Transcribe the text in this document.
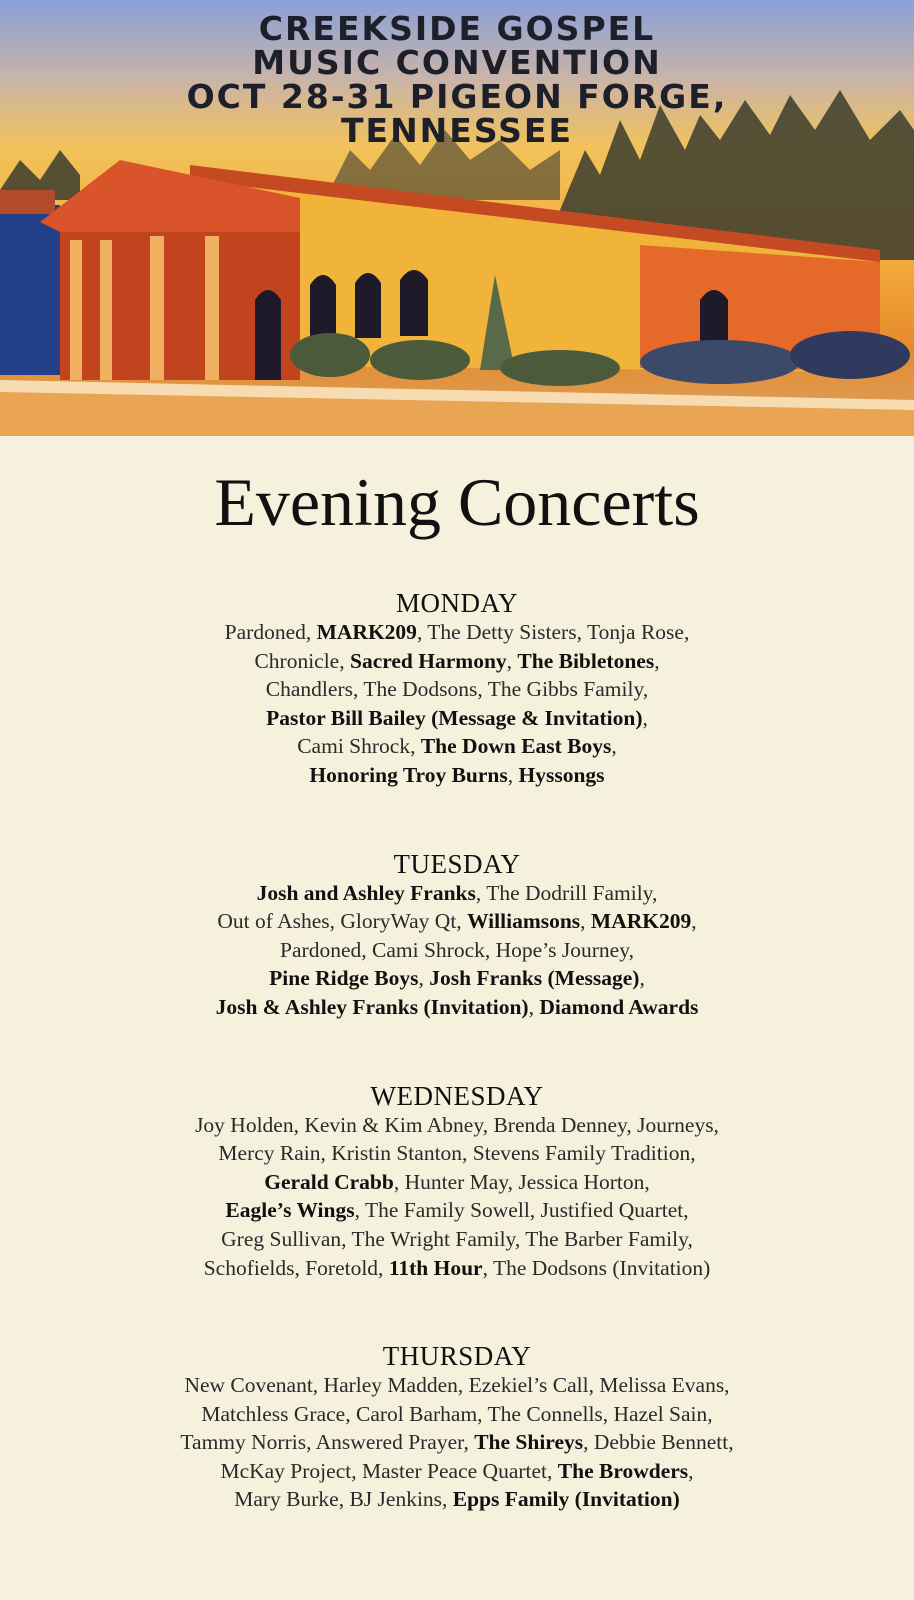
CREEKSIDE GOSPEL
MUSIC CONVENTION
OCT 28-31 PIGEON FORGE,
TENNESSEE
Evening Concerts
MONDAY
Pardoned, MARK209, The Detty Sisters, Tonja Rose,
Chronicle, Sacred Harmony, The Bibletones,
Chandlers, The Dodsons, The Gibbs Family,
Pastor Bill Bailey (Message & Invitation),
Cami Shrock, The Down East Boys,
Honoring Troy Burns, Hyssongs
TUESDAY
Josh and Ashley Franks, The Dodrill Family,
Out of Ashes, GloryWay Qt, Williamsons, MARK209,
Pardoned, Cami Shrock, Hope’s Journey,
Pine Ridge Boys, Josh Franks (Message),
Josh & Ashley Franks (Invitation), Diamond Awards
WEDNESDAY
Joy Holden, Kevin & Kim Abney, Brenda Denney, Journeys,
Mercy Rain, Kristin Stanton, Stevens Family Tradition,
Gerald Crabb, Hunter May, Jessica Horton,
Eagle’s Wings, The Family Sowell, Justified Quartet,
Greg Sullivan, The Wright Family, The Barber Family,
Schofields, Foretold, 11th Hour, The Dodsons (Invitation)
THURSDAY
New Covenant, Harley Madden, Ezekiel’s Call, Melissa Evans,
Matchless Grace, Carol Barham, The Connells, Hazel Sain,
Tammy Norris, Answered Prayer, The Shireys, Debbie Bennett,
McKay Project, Master Peace Quartet, The Browders,
Mary Burke, BJ Jenkins, Epps Family (Invitation)
